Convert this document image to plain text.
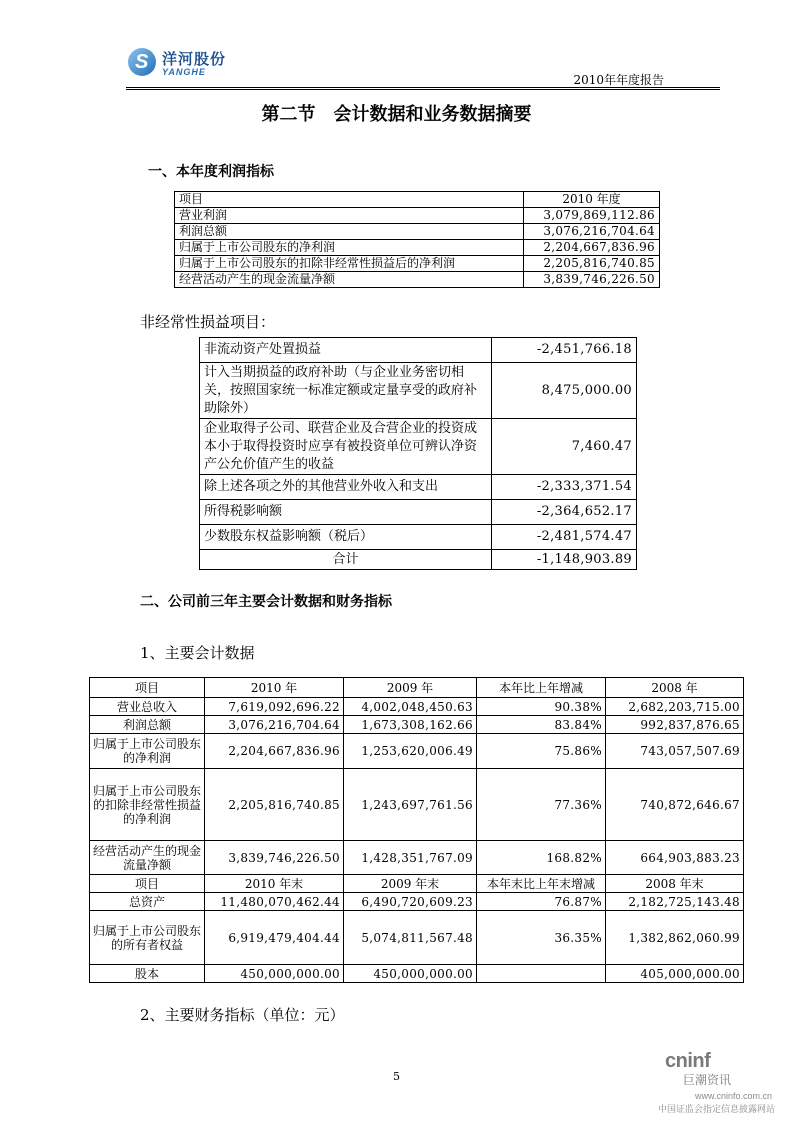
S 洋河股份
YANGHE
2010年年度报告
第二节　会计数据和业务数据摘要
一、本年度利润指标
项目	2010 年度
营业利润	3,079,869,112.86
利润总额	3,076,216,704.64
归属于上市公司股东的净利润	2,204,667,836.96
归属于上市公司股东的扣除非经常性损益后的净利润	2,205,816,740.85
经营活动产生的现金流量净额	3,839,746,226.50
非经常性损益项目：
非流动资产处置损益	-2,451,766.18
计入当期损益的政府补助（与企业业务密切相关，按照国家统一标准定额或定量享受的政府补助除外）	8,475,000.00
企业取得子公司、联营企业及合营企业的投资成本小于取得投资时应享有被投资单位可辨认净资产公允价值产生的收益	7,460.47
除上述各项之外的其他营业外收入和支出	-2,333,371.54
所得税影响额	-2,364,652.17
少数股东权益影响额（税后）	-2,481,574.47
合计	-1,148,903.89
二、公司前三年主要会计数据和财务指标
1、主要会计数据
项目	2010 年	2009 年	本年比上年增减	2008 年
营业总收入	7,619,092,696.22	4,002,048,450.63	90.38%	2,682,203,715.00
利润总额	3,076,216,704.64	1,673,308,162.66	83.84%	992,837,876.65
归属于上市公司股东的净利润	2,204,667,836.96	1,253,620,006.49	75.86%	743,057,507.69
归属于上市公司股东的扣除非经常性损益的净利润	2,205,816,740.85	1,243,697,761.56	77.36%	740,872,646.67
经营活动产生的现金流量净额	3,839,746,226.50	1,428,351,767.09	168.82%	664,903,883.23
项目	2010 年末	2009 年末	本年末比上年末增减	2008 年末
总资产	11,480,070,462.44	6,490,720,609.23	76.87%	2,182,725,143.48
归属于上市公司股东的所有者权益	6,919,479,404.44	5,074,811,567.48	36.35%	1,382,862,060.99
股本	450,000,000.00	450,000,000.00		405,000,000.00
2、主要财务指标（单位：元）
5
cninf
巨潮资讯
www.cninfo.com.cn
中国证监会指定信息披露网站
